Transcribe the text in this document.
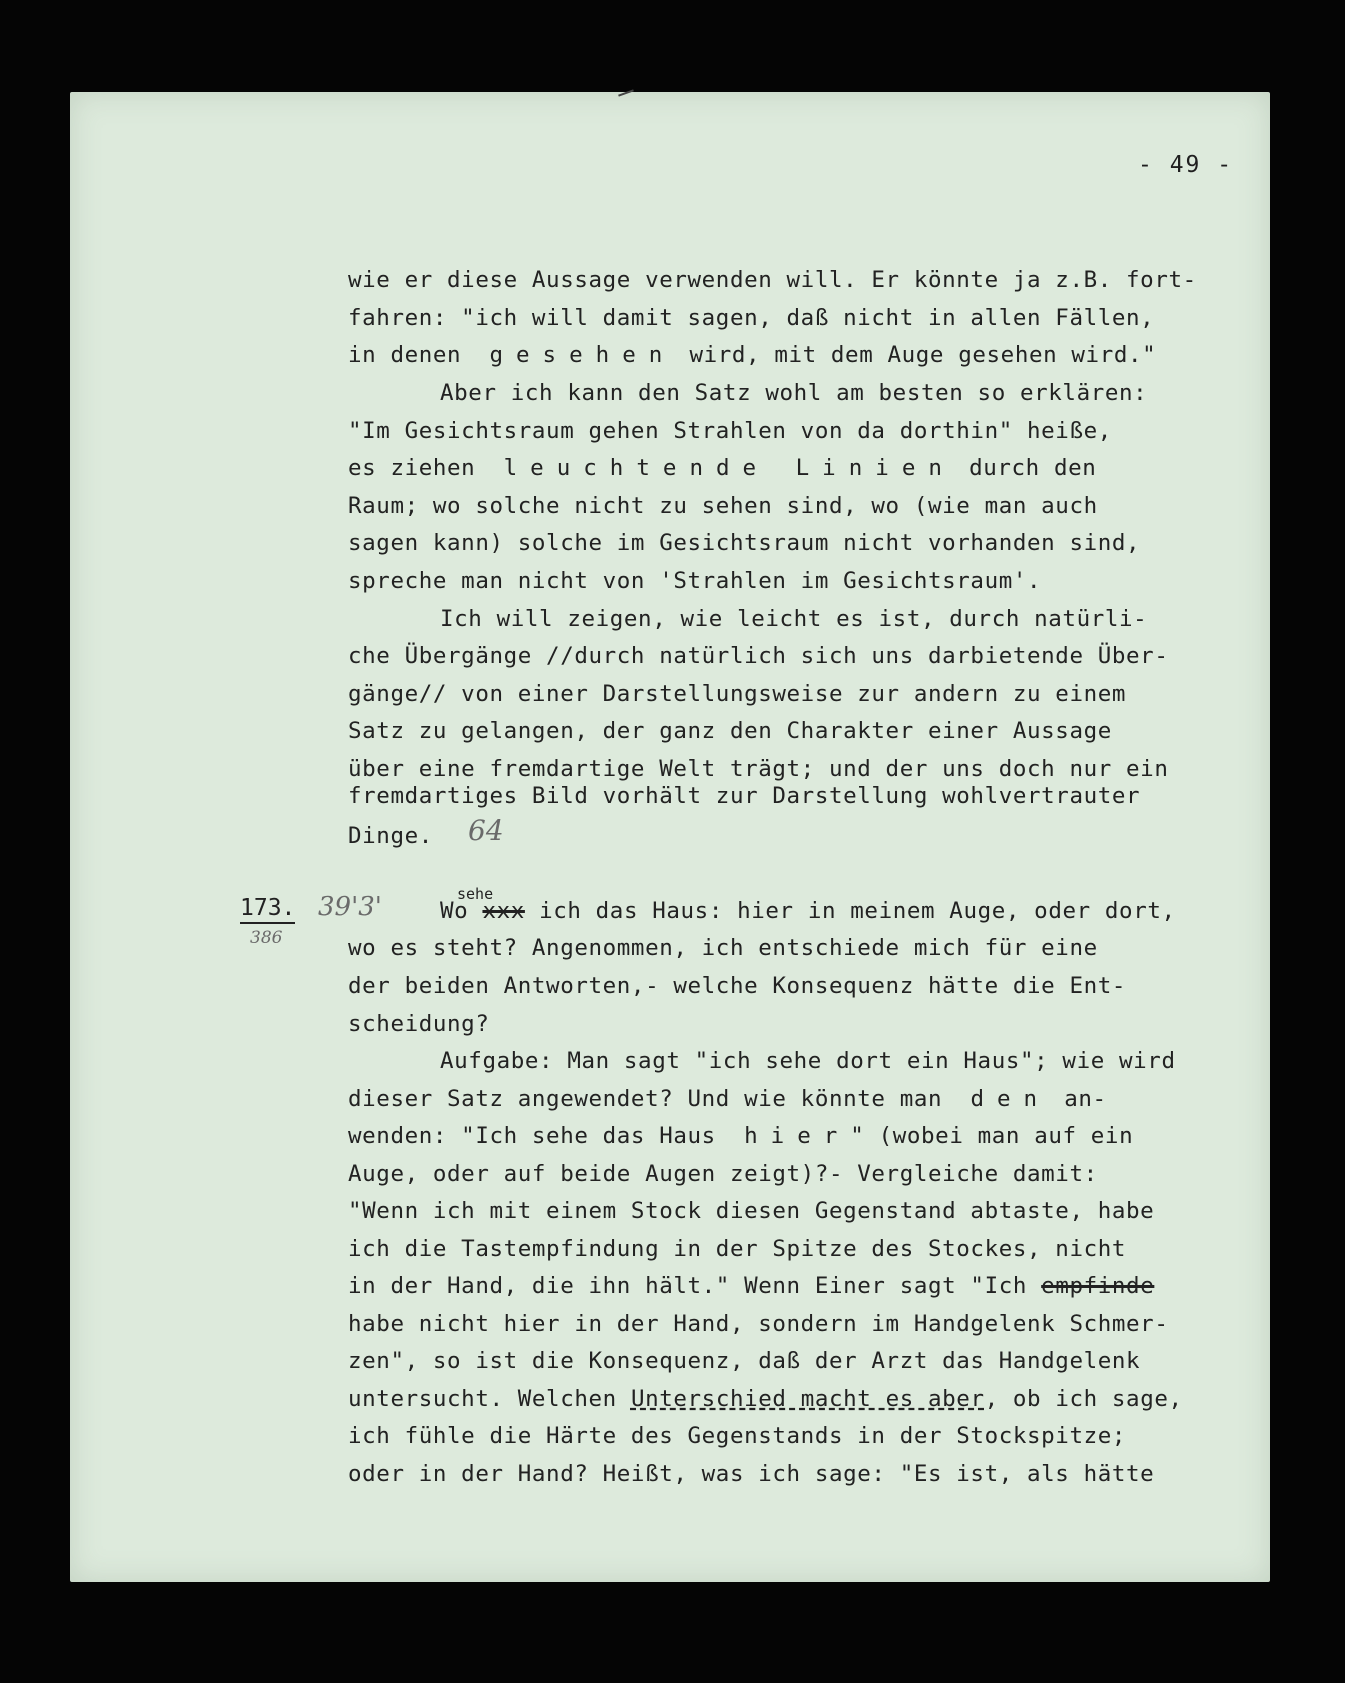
- 49 -
wie er diese Aussage verwenden will. Er könnte ja z.B. fort-
fahren: "ich will damit sagen, daß nicht in allen Fällen,
in denen gesehen wird, mit dem Auge gesehen wird."
Aber ich kann den Satz wohl am besten so erklären:
"Im Gesichtsraum gehen Strahlen von da dorthin" heiße,
es ziehen leuchtende Linien durch den
Raum; wo solche nicht zu sehen sind, wo (wie man auch
sagen kann) solche im Gesichtsraum nicht vorhanden sind,
spreche man nicht von 'Strahlen im Gesichtsraum'.
Ich will zeigen, wie leicht es ist, durch natürli-
che Übergänge //durch natürlich sich uns darbietende Über-
gänge// von einer Darstellungsweise zur andern zu einem
Satz zu gelangen, der ganz den Charakter einer Aussage
über eine fremdartige Welt trägt; und der uns doch nur ein
fremdartiges Bild vorhält zur Darstellung wohlvertrauter
Dinge. 64
173. 39'3'
386
sehe
Wo xxx ich das Haus: hier in meinem Auge, oder dort,
wo es steht? Angenommen, ich entschiede mich für eine
der beiden Antworten,- welche Konsequenz hätte die Ent-
scheidung?
Aufgabe: Man sagt "ich sehe dort ein Haus"; wie wird
dieser Satz angewendet? Und wie könnte man den an-
wenden: "Ich sehe das Haus hier" (wobei man auf ein
Auge, oder auf beide Augen zeigt)?- Vergleiche damit:
"Wenn ich mit einem Stock diesen Gegenstand abtaste, habe
ich die Tastempfindung in der Spitze des Stockes, nicht
in der Hand, die ihn hält." Wenn Einer sagt "Ich empfinde
habe nicht hier in der Hand, sondern im Handgelenk Schmer-
zen", so ist die Konsequenz, daß der Arzt das Handgelenk
untersucht. Welchen Unterschied macht es aber, ob ich sage,
ich fühle die Härte des Gegenstands in der Stockspitze;
oder in der Hand? Heißt, was ich sage: "Es ist, als hätte
